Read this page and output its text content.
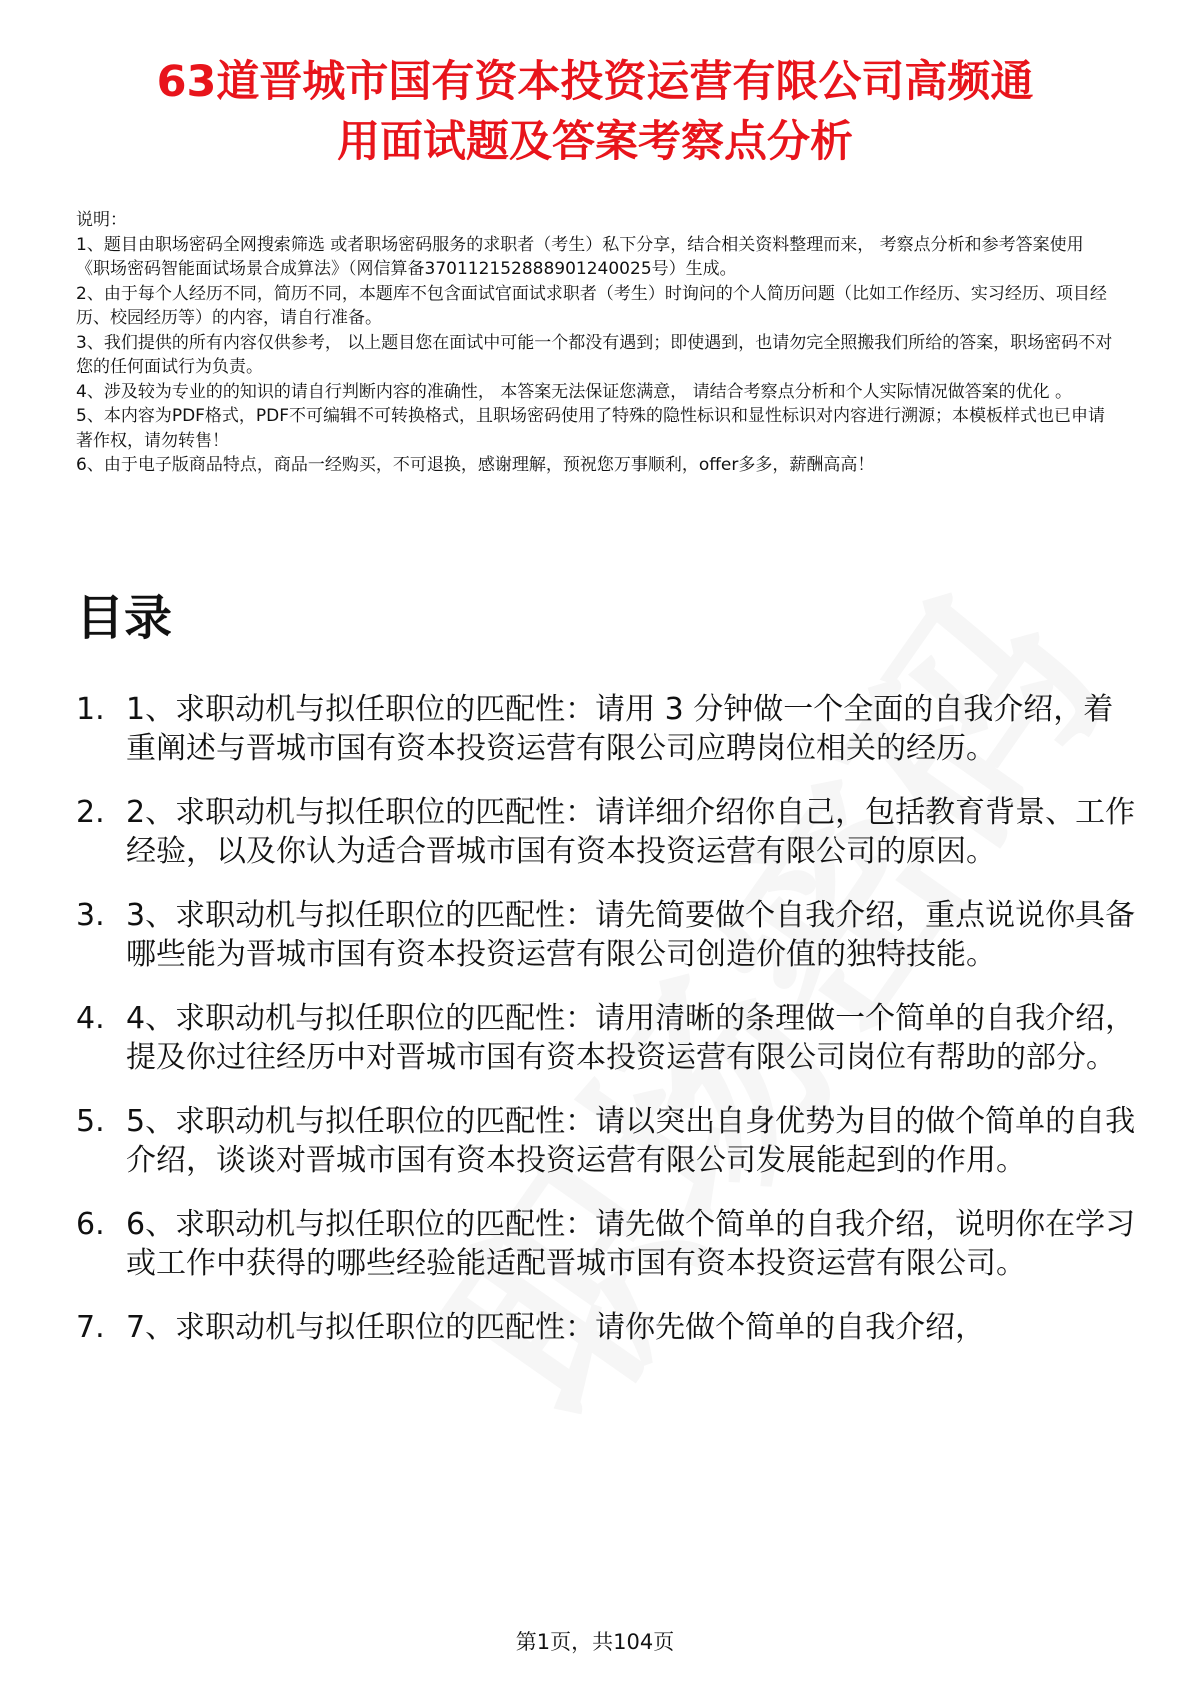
63道晋城市国有资本投资运营有限公司高频通
用面试题及答案考察点分析
说明：
1、题目由职场密码全网搜索筛选 或者职场密码服务的求职者（考生）私下分享，结合相关资料整理而来， 考察点分析和参考答案使用《职场密码智能面试场景合成算法》（网信算备370112152888901240025号）生成。
2、由于每个人经历不同，简历不同，本题库不包含面试官面试求职者（考生）时询问的个人简历问题（比如工作经历、实习经历、项目经历、校园经历等）的内容，请自行准备。
3、我们提供的所有内容仅供参考， 以上题目您在面试中可能一个都没有遇到；即使遇到，也请勿完全照搬我们所给的答案，职场密码不对您的任何面试行为负责。
4、涉及较为专业的的知识的请自行判断内容的准确性， 本答案无法保证您满意， 请结合考察点分析和个人实际情况做答案的优化 。
5、本内容为PDF格式，PDF不可编辑不可转换格式，且职场密码使用了特殊的隐性标识和显性标识对内容进行溯源；本模板样式也已申请著作权，请勿转售！
6、由于电子版商品特点，商品一经购买，不可退换，感谢理解，预祝您万事顺利，offer多多，薪酬高高！
目录
1. 1、求职动机与拟任职位的匹配性：请用 3 分钟做一个全面的自我介绍，着重阐述与晋城市国有资本投资运营有限公司应聘岗位相关的经历。
2. 2、求职动机与拟任职位的匹配性：请详细介绍你自己，包括教育背景、工作经验，以及你认为适合晋城市国有资本投资运营有限公司的原因。
3. 3、求职动机与拟任职位的匹配性：请先简要做个自我介绍，重点说说你具备哪些能为晋城市国有资本投资运营有限公司创造价值的独特技能。
4. 4、求职动机与拟任职位的匹配性：请用清晰的条理做一个简单的自我介绍，提及你过往经历中对晋城市国有资本投资运营有限公司岗位有帮助的部分。
5. 5、求职动机与拟任职位的匹配性：请以突出自身优势为目的做个简单的自我介绍，谈谈对晋城市国有资本投资运营有限公司发展能起到的作用。
6. 6、求职动机与拟任职位的匹配性：请先做个简单的自我介绍，说明你在学习或工作中获得的哪些经验能适配晋城市国有资本投资运营有限公司。
7. 7、求职动机与拟任职位的匹配性：请你先做个简单的自我介绍，
第1页，共104页
